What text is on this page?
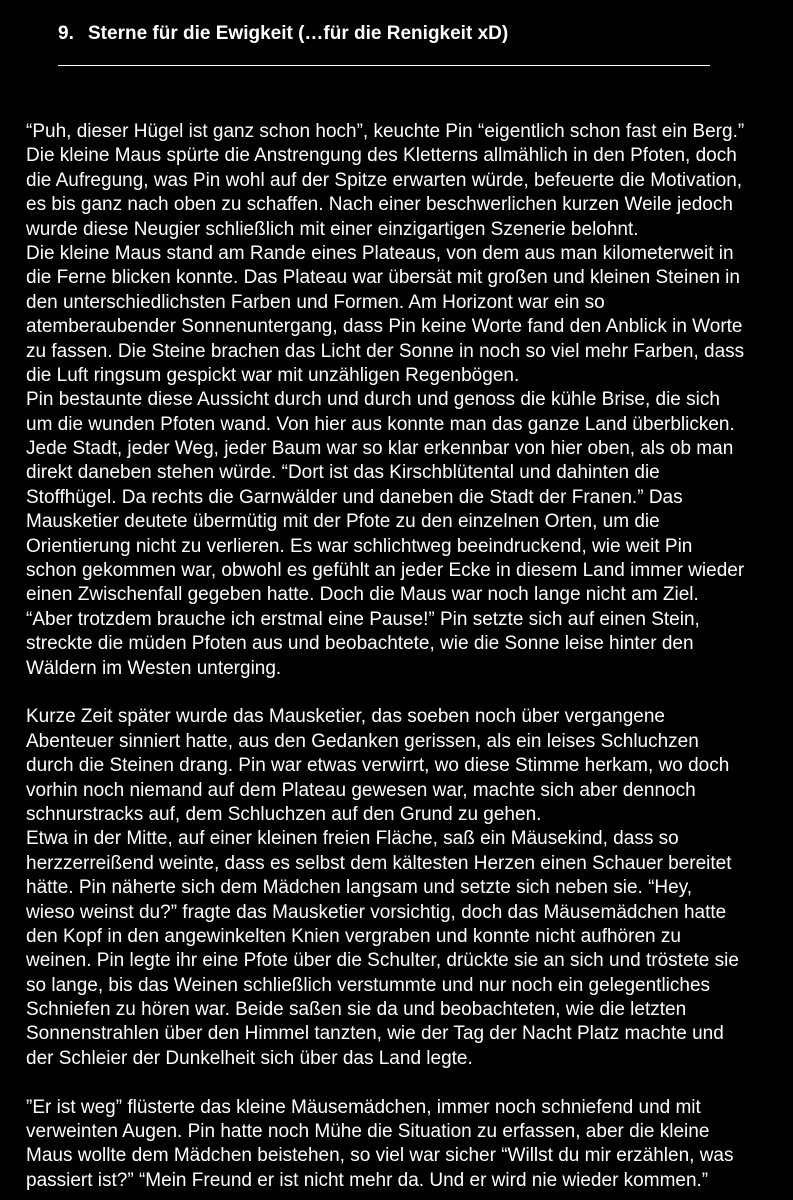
9. Sterne für die Ewigkeit (…für die Renigkeit xD)
“Puh, dieser Hügel ist ganz schon hoch”, keuchte Pin “eigentlich schon fast ein Berg.”
Die kleine Maus spürte die Anstrengung des Kletterns allmählich in den Pfoten, doch
die Aufregung, was Pin wohl auf der Spitze erwarten würde, befeuerte die Motivation,
es bis ganz nach oben zu schaffen. Nach einer beschwerlichen kurzen Weile jedoch
wurde diese Neugier schließlich mit einer einzigartigen Szenerie belohnt.
Die kleine Maus stand am Rande eines Plateaus, von dem aus man kilometerweit in
die Ferne blicken konnte. Das Plateau war übersät mit großen und kleinen Steinen in
den unterschiedlichsten Farben und Formen. Am Horizont war ein so
atemberaubender Sonnenuntergang, dass Pin keine Worte fand den Anblick in Worte
zu fassen. Die Steine brachen das Licht der Sonne in noch so viel mehr Farben, dass
die Luft ringsum gespickt war mit unzähligen Regenbögen.
Pin bestaunte diese Aussicht durch und durch und genoss die kühle Brise, die sich
um die wunden Pfoten wand. Von hier aus konnte man das ganze Land überblicken.
Jede Stadt, jeder Weg, jeder Baum war so klar erkennbar von hier oben, als ob man
direkt daneben stehen würde. “Dort ist das Kirschblütental und dahinten die
Stoffhügel. Da rechts die Garnwälder und daneben die Stadt der Franen.” Das
Mausketier deutete übermütig mit der Pfote zu den einzelnen Orten, um die
Orientierung nicht zu verlieren. Es war schlichtweg beeindruckend, wie weit Pin
schon gekommen war, obwohl es gefühlt an jeder Ecke in diesem Land immer wieder
einen Zwischenfall gegeben hatte. Doch die Maus war noch lange nicht am Ziel.
“Aber trotzdem brauche ich erstmal eine Pause!” Pin setzte sich auf einen Stein,
streckte die müden Pfoten aus und beobachtete, wie die Sonne leise hinter den
Wäldern im Westen unterging.
Kurze Zeit später wurde das Mausketier, das soeben noch über vergangene
Abenteuer sinniert hatte, aus den Gedanken gerissen, als ein leises Schluchzen
durch die Steinen drang. Pin war etwas verwirrt, wo diese Stimme herkam, wo doch
vorhin noch niemand auf dem Plateau gewesen war, machte sich aber dennoch
schnurstracks auf, dem Schluchzen auf den Grund zu gehen.
Etwa in der Mitte, auf einer kleinen freien Fläche, saß ein Mäusekind, dass so
herzzerreißend weinte, dass es selbst dem kältesten Herzen einen Schauer bereitet
hätte. Pin näherte sich dem Mädchen langsam und setzte sich neben sie. “Hey,
wieso weinst du?” fragte das Mausketier vorsichtig, doch das Mäusemädchen hatte
den Kopf in den angewinkelten Knien vergraben und konnte nicht aufhören zu
weinen. Pin legte ihr eine Pfote über die Schulter, drückte sie an sich und tröstete sie
so lange, bis das Weinen schließlich verstummte und nur noch ein gelegentliches
Schniefen zu hören war. Beide saßen sie da und beobachteten, wie die letzten
Sonnenstrahlen über den Himmel tanzten, wie der Tag der Nacht Platz machte und
der Schleier der Dunkelheit sich über das Land legte.
”Er ist weg” flüsterte das kleine Mäusemädchen, immer noch schniefend und mit
verweinten Augen. Pin hatte noch Mühe die Situation zu erfassen, aber die kleine
Maus wollte dem Mädchen beistehen, so viel war sicher “Willst du mir erzählen, was
passiert ist?” “Mein Freund er ist nicht mehr da. Und er wird nie wieder kommen.”
